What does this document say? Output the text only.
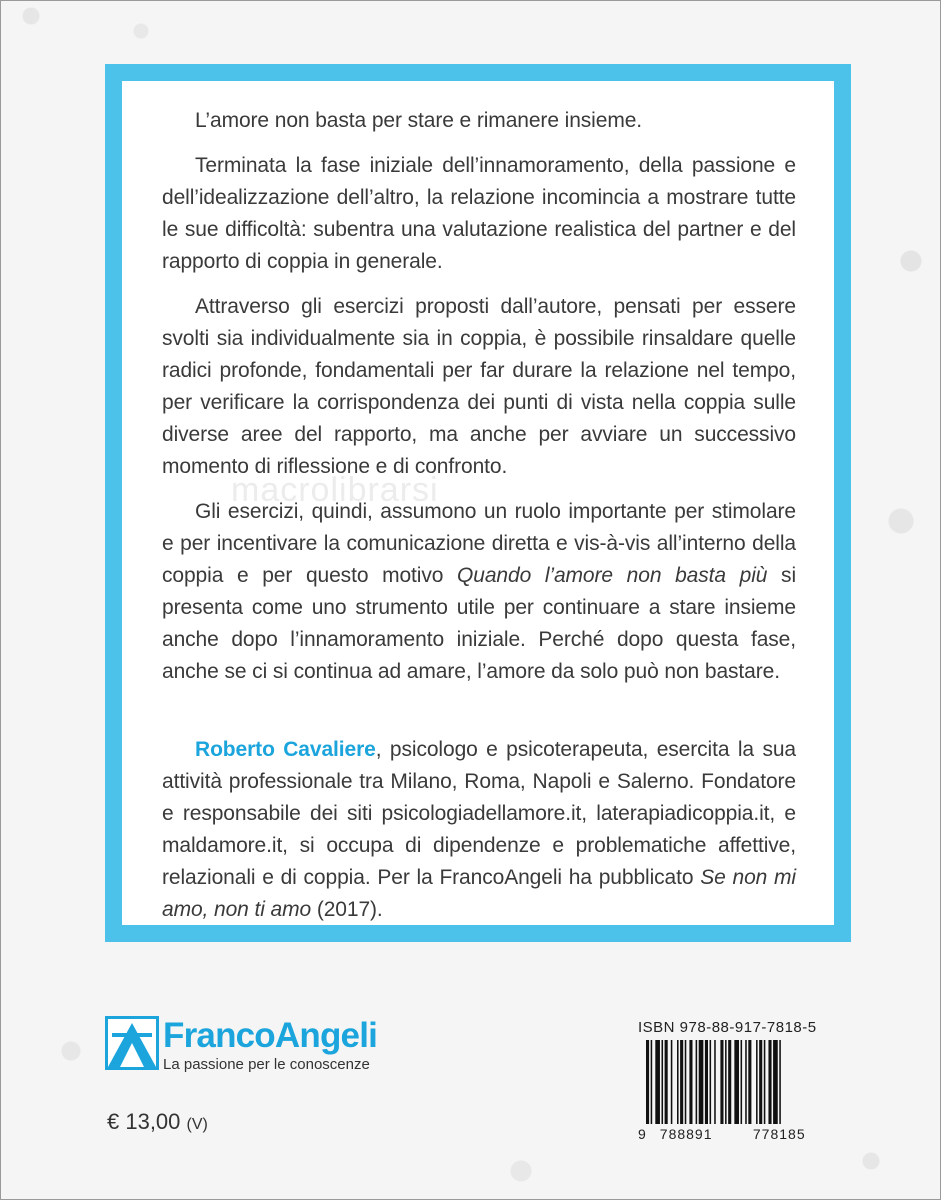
L’amore non basta per stare e rimanere insieme.

Terminata la fase iniziale dell’innamoramento, della passione e dell’idealizzazione dell’altro, la relazione incomincia a mostrare tutte le sue difficoltà: subentra una valutazione realistica del partner e del rapporto di coppia in generale.

Attraverso gli esercizi proposti dall’autore, pensati per essere svolti sia individualmente sia in coppia, è possibile rinsaldare quelle radici profonde, fondamentali per far durare la relazione nel tempo, per verificare la corrispondenza dei punti di vista nella coppia sulle diverse aree del rapporto, ma anche per avviare un successivo momento di riflessione e di confronto.

Gli esercizi, quindi, assumono un ruolo importante per stimolare e per incentivare la comunicazione diretta e vis-à-vis all’interno della coppia e per questo motivo Quando l’amore non basta più si presenta come uno strumento utile per continuare a stare insieme anche dopo l’innamoramento iniziale. Perché dopo questa fase, anche se ci si continua ad amare, l’amore da solo può non bastare.

Roberto Cavaliere, psicologo e psicoterapeuta, esercita la sua attività professionale tra Milano, Roma, Napoli e Salerno. Fondatore e responsabile dei siti psicologiadellamore.it, laterapiadicoppia.it, e maldamore.it, si occupa di dipendenze e problematiche affettive, relazionali e di coppia. Per la FrancoAngeli ha pubblicato Se non mi amo, non ti amo (2017).

macrolibrarsi
FrancoAngeli
La passione per le conoscenze
€ 13,00 (V)
ISBN 978-88-917-7818-5
9 788891	778185
